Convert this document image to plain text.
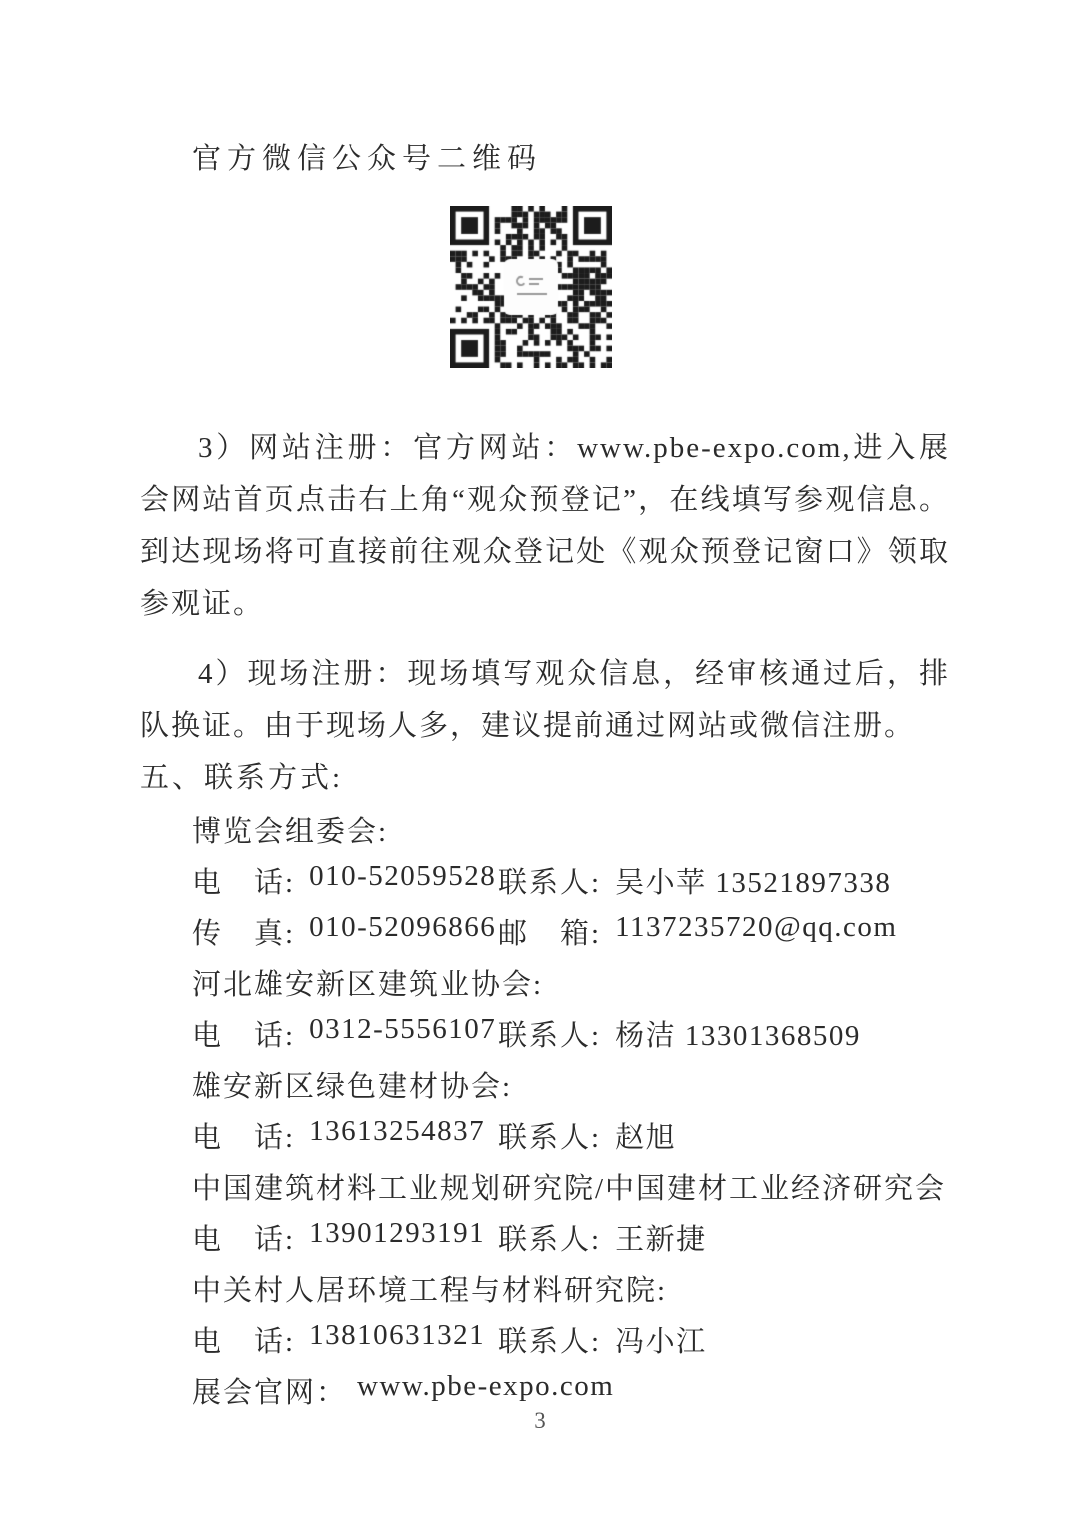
官方微信公众号二维码
3）网站注册：官方网站：www.pbe-expo.com,进入展会网站首页点击右上角“观众预登记”，在线填写参观信息。到达现场将可直接前往观众登记处《观众预登记窗口》领取参观证。
4）现场注册：现场填写观众信息，经审核通过后，排队换证。由于现场人多，建议提前通过网站或微信注册。
五、联系方式:
博览会组委会:
电　话: 010-52059528 联系人: 吴小苹 13521897338
传　真: 010-52096866 邮　箱: 1137235720@qq.com
河北雄安新区建筑业协会:
电　话: 0312-5556107 联系人: 杨洁 13301368509
雄安新区绿色建材协会:
电　话: 13613254837 联系人: 赵旭
中国建筑材料工业规划研究院/中国建材工业经济研究会
电　话: 13901293191 联系人: 王新捷
中关村人居环境工程与材料研究院:
电　话: 13810631321 联系人: 冯小江
展会官网： www.pbe-expo.com
3
